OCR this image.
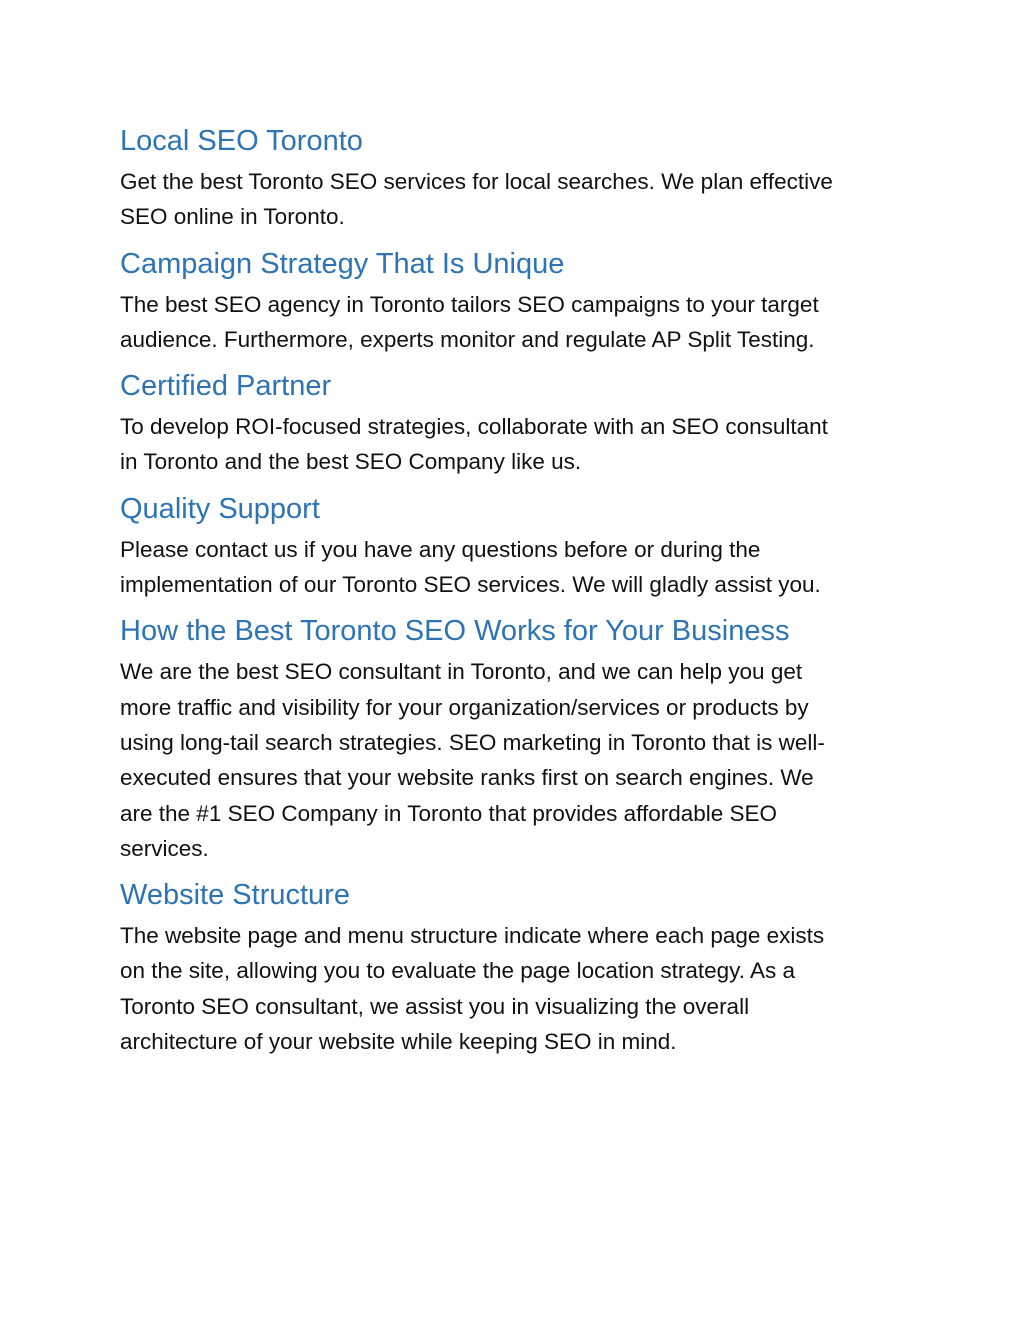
Local SEO Toronto

Get the best Toronto SEO services for local searches. We plan effective

SEO online in Toronto.

Campaign Strategy That Is Unique

The best SEO agency in Toronto tailors SEO campaigns to your target

audience. Furthermore, experts monitor and regulate AP Split Testing.

Certified Partner

To develop ROI-focused strategies, collaborate with an SEO consultant

in Toronto and the best SEO Company like us.

Quality Support

Please contact us if you have any questions before or during the

implementation of our Toronto SEO services. We will gladly assist you.

How the Best Toronto SEO Works for Your Business

We are the best SEO consultant in Toronto, and we can help you get

more traffic and visibility for your organization/services or products by

using long-tail search strategies. SEO marketing in Toronto that is well-

executed ensures that your website ranks first on search engines. We

are the #1 SEO Company in Toronto that provides affordable SEO

services.

Website Structure

The website page and menu structure indicate where each page exists

on the site, allowing you to evaluate the page location strategy. As a

Toronto SEO consultant, we assist you in visualizing the overall

architecture of your website while keeping SEO in mind.
